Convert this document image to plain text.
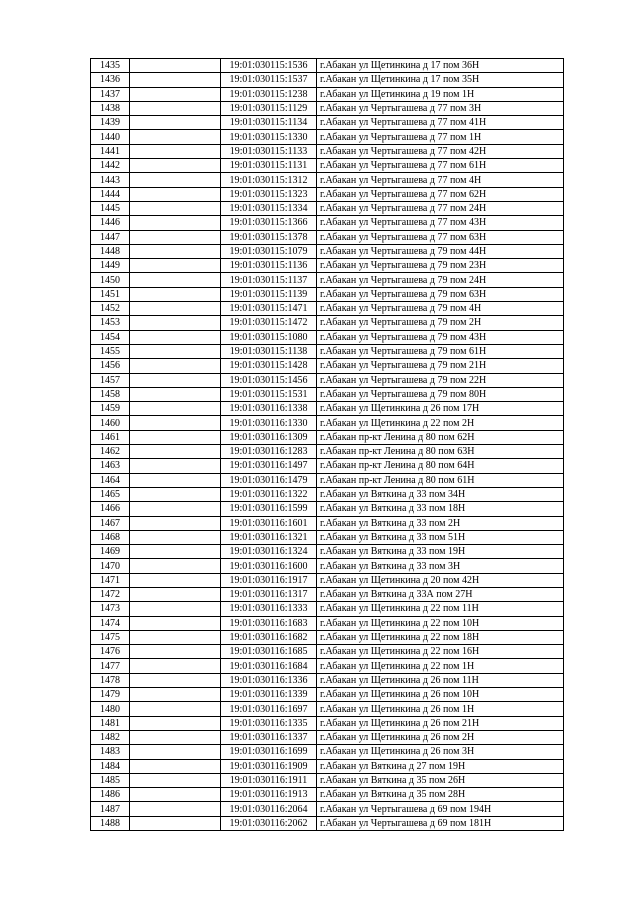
1435		19:01:030115:1536	г.Абакан ул Щетинкина д 17 пом 36Н
1436		19:01:030115:1537	г.Абакан ул Щетинкина д 17 пом 35Н
1437		19:01:030115:1238	г.Абакан ул Щетинкина д 19 пом 1Н
1438		19:01:030115:1129	г.Абакан ул Чертыгашева д 77 пом 3Н
1439		19:01:030115:1134	г.Абакан ул Чертыгашева д 77 пом 41Н
1440		19:01:030115:1330	г.Абакан ул Чертыгашева д 77 пом 1Н
1441		19:01:030115:1133	г.Абакан ул Чертыгашева д 77 пом 42Н
1442		19:01:030115:1131	г.Абакан ул Чертыгашева д 77 пом 61Н
1443		19:01:030115:1312	г.Абакан ул Чертыгашева д 77 пом 4Н
1444		19:01:030115:1323	г.Абакан ул Чертыгашева д 77 пом 62Н
1445		19:01:030115:1334	г.Абакан ул Чертыгашева д 77 пом 24Н
1446		19:01:030115:1366	г.Абакан ул Чертыгашева д 77 пом 43Н
1447		19:01:030115:1378	г.Абакан ул Чертыгашева д 77 пом 63Н
1448		19:01:030115:1079	г.Абакан ул Чертыгашева д 79 пом 44Н
1449		19:01:030115:1136	г.Абакан ул Чертыгашева д 79 пом 23Н
1450		19:01:030115:1137	г.Абакан ул Чертыгашева д 79 пом 24Н
1451		19:01:030115:1139	г.Абакан ул Чертыгашева д 79 пом 63Н
1452		19:01:030115:1471	г.Абакан ул Чертыгашева д 79 пом 4Н
1453		19:01:030115:1472	г.Абакан ул Чертыгашева д 79 пом 2Н
1454		19:01:030115:1080	г.Абакан ул Чертыгашева д 79 пом 43Н
1455		19:01:030115:1138	г.Абакан ул Чертыгашева д 79 пом 61Н
1456		19:01:030115:1428	г.Абакан ул Чертыгашева д 79 пом 21Н
1457		19:01:030115:1456	г.Абакан ул Чертыгашева д 79 пом 22Н
1458		19:01:030115:1531	г.Абакан ул Чертыгашева д 79 пом 80Н
1459		19:01:030116:1338	г.Абакан ул Щетинкина д 26 пом 17Н
1460		19:01:030116:1330	г.Абакан ул Щетинкина д 22 пом 2Н
1461		19:01:030116:1309	г.Абакан пр-кт Ленина д 80 пом 62Н
1462		19:01:030116:1283	г.Абакан пр-кт Ленина д 80 пом 63Н
1463		19:01:030116:1497	г.Абакан пр-кт Ленина д 80 пом 64Н
1464		19:01:030116:1479	г.Абакан пр-кт Ленина д 80 пом 61Н
1465		19:01:030116:1322	г.Абакан ул Вяткина д 33 пом 34Н
1466		19:01:030116:1599	г.Абакан ул Вяткина д 33 пом 18Н
1467		19:01:030116:1601	г.Абакан ул Вяткина д 33 пом 2Н
1468		19:01:030116:1321	г.Абакан ул Вяткина д 33 пом 51Н
1469		19:01:030116:1324	г.Абакан ул Вяткина д 33 пом 19Н
1470		19:01:030116:1600	г.Абакан ул Вяткина д 33 пом 3Н
1471		19:01:030116:1917	г.Абакан ул Щетинкина д 20 пом 42Н
1472		19:01:030116:1317	г.Абакан ул Вяткина д 33А пом 27Н
1473		19:01:030116:1333	г.Абакан ул Щетинкина д 22 пом 11Н
1474		19:01:030116:1683	г.Абакан ул Щетинкина д 22 пом 10Н
1475		19:01:030116:1682	г.Абакан ул Щетинкина д 22 пом 18Н
1476		19:01:030116:1685	г.Абакан ул Щетинкина д 22 пом 16Н
1477		19:01:030116:1684	г.Абакан ул Щетинкина д 22 пом 1Н
1478		19:01:030116:1336	г.Абакан ул Щетинкина д 26 пом 11Н
1479		19:01:030116:1339	г.Абакан ул Щетинкина д 26 пом 10Н
1480		19:01:030116:1697	г.Абакан ул Щетинкина д 26 пом 1Н
1481		19:01:030116:1335	г.Абакан ул Щетинкина д 26 пом 21Н
1482		19:01:030116:1337	г.Абакан ул Щетинкина д 26 пом 2Н
1483		19:01:030116:1699	г.Абакан ул Щетинкина д 26 пом 3Н
1484		19:01:030116:1909	г.Абакан ул Вяткина д 27 пом 19Н
1485		19:01:030116:1911	г.Абакан ул Вяткина д 35 пом 26Н
1486		19:01:030116:1913	г.Абакан ул Вяткина д 35 пом 28Н
1487		19:01:030116:2064	г.Абакан ул Чертыгашева д 69 пом 194Н
1488		19:01:030116:2062	г.Абакан ул Чертыгашева д 69 пом 181Н
